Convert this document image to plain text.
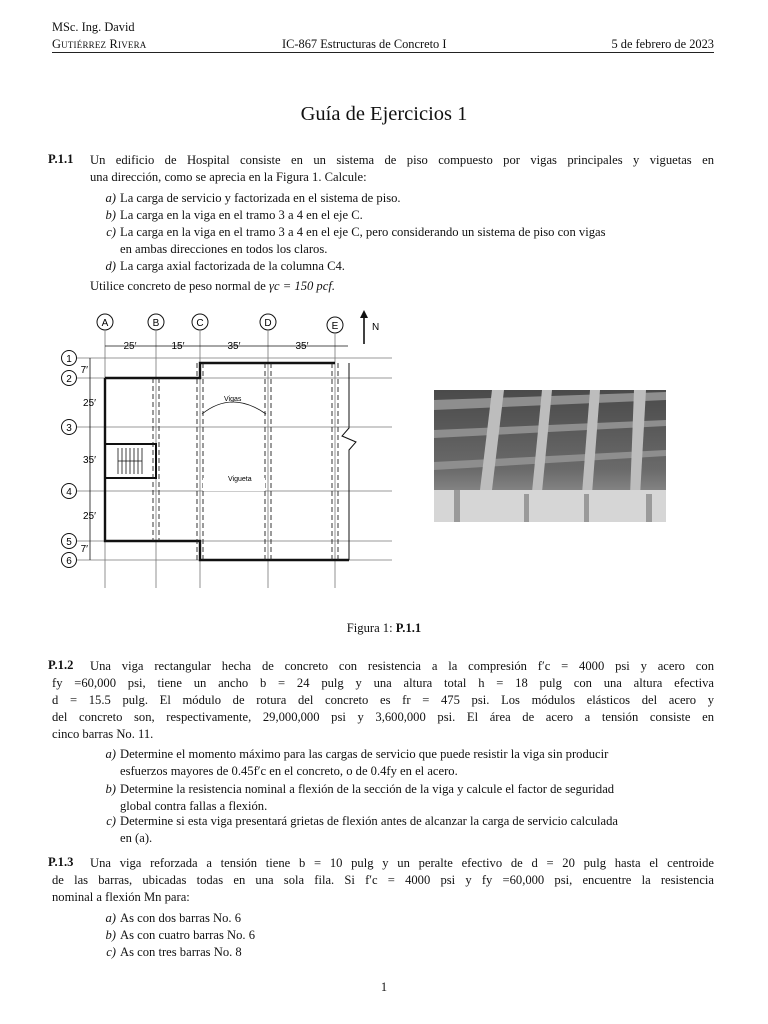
MSc. Ing. David
Gutiérrez Rivera	IC-867 Estructuras de Concreto I	5 de febrero de 2023
Guía de Ejercicios 1
P.1.1 Un edificio de Hospital consiste en un sistema de piso compuesto por vigas principales y viguetas en
una dirección, como se aprecia en la Figura 1. Calcule:
a) La carga de servicio y factorizada en el sistema de piso.
b) La carga en la viga en el tramo 3 a 4 en el eje C.
c) La carga en la viga en el tramo 3 a 4 en el eje C, pero considerando un sistema de piso con vigas
en ambas direcciones en todos los claros.
d) La carga axial factorizada de la columna C4.
Utilice concreto de peso normal de γc = 150 pcf.
A	B	C	D	E	N
25′	15′	35′	35′
1
2
3
4
5
6
7′
25′
35′
25′
7′
Vigas
Vigueta
Figura 1: P.1.1
P.1.2 Una viga rectangular hecha de concreto con resistencia a la compresión f′c = 4000 psi y acero con
fy =60,000 psi, tiene un ancho b = 24 pulg y una altura total h = 18 pulg con una altura efectiva
d = 15.5 pulg. El módulo de rotura del concreto es fr = 475 psi. Los módulos elásticos del acero y
del concreto son, respectivamente, 29,000,000 psi y 3,600,000 psi. El área de acero a tensión consiste en
cinco barras No. 11.
a) Determine el momento máximo para las cargas de servicio que puede resistir la viga sin producir
esfuerzos mayores de 0.45f′c en el concreto, o de 0.4fy en el acero.
b) Determine la resistencia nominal a flexión de la sección de la viga y calcule el factor de seguridad
global contra fallas a flexión.
c) Determine si esta viga presentará grietas de flexión antes de alcanzar la carga de servicio calculada
en (a).
P.1.3 Una viga reforzada a tensión tiene b = 10 pulg y un peralte efectivo de d = 20 pulg hasta el centroide
de las barras, ubicadas todas en una sola fila. Si f′c = 4000 psi y fy =60,000 psi, encuentre la resistencia
nominal a flexión Mn para:
a) As con dos barras No. 6
b) As con cuatro barras No. 6
c) As con tres barras No. 8
1
